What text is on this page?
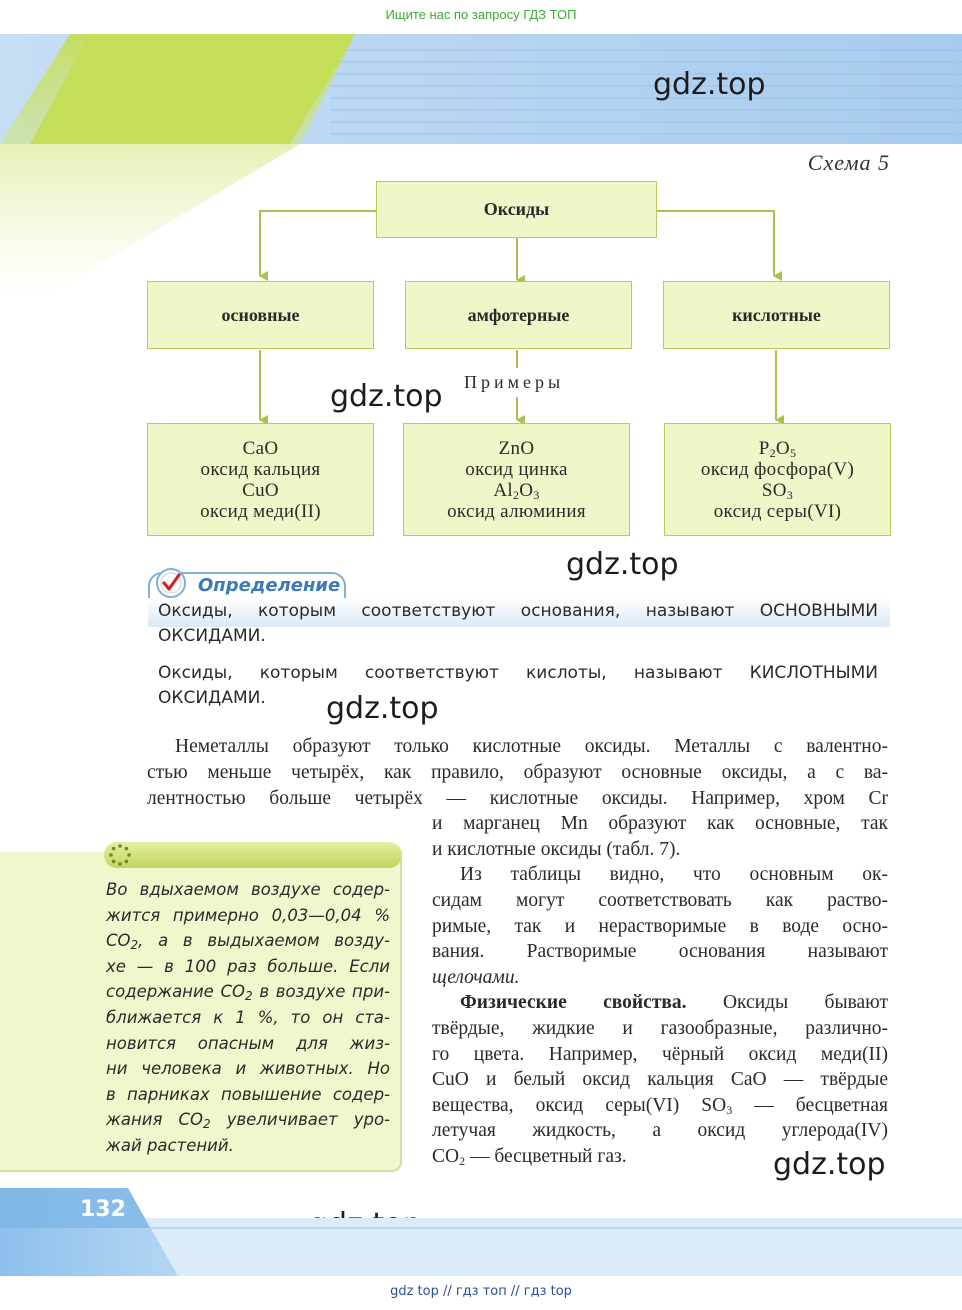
Ищите нас по запросу ГДЗ ТОП
gdz.top
gdz.top
gdz.top
gdz.top
gdz.top
Схема 5
Оксиды
основные	амфотерные	кислотные
Примеры
CaO
оксид кальция
CuO
оксид меди(II)
ZnO
оксид цинка
$Al_2O_3$
оксид алюминия
$P_2O_5$
оксид фосфора(V)
$SO_3$
оксид серы(VI)
Определение
Оксиды, которым соответствуют основания, называют ОСНОВНЫМИ
ОКСИДАМИ.
Оксиды, которым соответствуют кислоты, называют КИСЛОТНЫМИ
ОКСИДАМИ.
Неметаллы образуют только кислотные оксиды. Металлы с валентно-
стью меньше четырёх, как правило, образуют основные оксиды, а с ва-
лентностью больше четырёх — кислотные оксиды. Например, хром Cr
и марганец Mn образуют как основные, так
и кислотные оксиды (табл. 7).
Из таблицы видно, что основным ок-
сидам могут соответствовать как раство-
римые, так и нерастворимые в воде осно-
вания. Растворимые основания называют
щелочами.
Физические свойства. Оксиды бывают
твёрдые, жидкие и газообразные, различно-
го цвета. Например, чёрный оксид меди(II)
CuO и белый оксид кальция CaO — твёрдые
вещества, оксид серы(VI) $SO_3$ — бесцветная
летучая жидкость, а оксид углерода(IV)
$CO_2$ — бесцветный газ.
Во вдыхаемом воздухе содер-
жится примерно 0,03—0,04 %
$CO_2$, а в выдыхаемом возду-
хе — в 100 раз больше. Если
содержание $CO_2$ в воздухе при-
ближается к 1 %, то он ста-
новится опасным для жиз-
ни человека и животных. Но
в парниках повышение содер-
жания $CO_2$ увеличивает уро-
жай растений.
132
gdz top // гдз топ // гдз top
